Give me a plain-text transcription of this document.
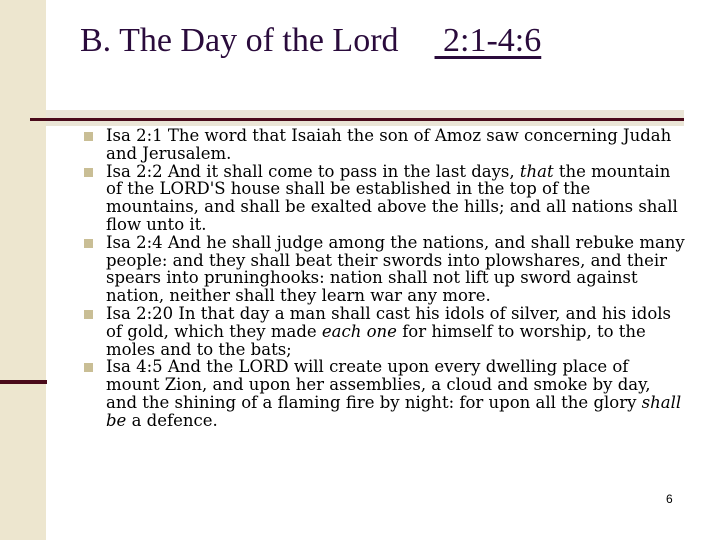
B. The Day of the Lord 2:1-4:6

Isa 2:1 The word that Isaiah the son of Amoz saw concerning Judah and Jerusalem.

Isa 2:2 And it shall come to pass in the last days, that the mountain of the LORD'S house shall be established in the top of the mountains, and shall be exalted above the hills; and all nations shall flow unto it.

Isa 2:4 And he shall judge among the nations, and shall rebuke many people: and they shall beat their swords into plowshares, and their spears into pruninghooks: nation shall not lift up sword against nation, neither shall they learn war any more.

Isa 2:20 In that day a man shall cast his idols of silver, and his idols of gold, which they made each one for himself to worship, to the moles and to the bats;

Isa 4:5 And the LORD will create upon every dwelling place of mount Zion, and upon her assemblies, a cloud and smoke by day, and the shining of a flaming fire by night: for upon all the glory shall be a defence.

6
